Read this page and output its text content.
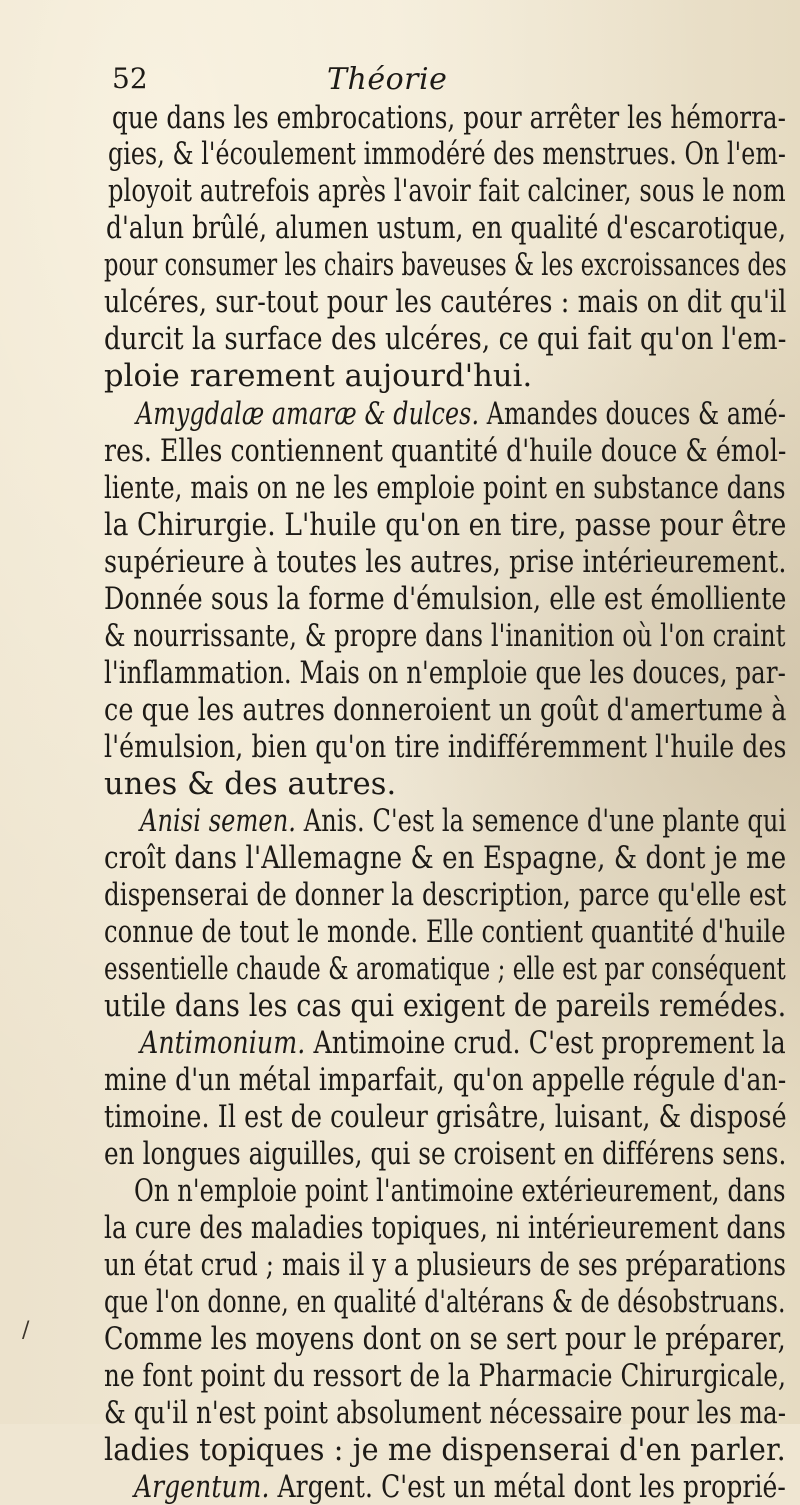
52	Théorie
que dans les embrocations, pour arrêter les hémorra-
gies, & l'écoulement immodéré des menstrues. On l'em-
ployoit autrefois après l'avoir fait calciner, sous le nom
d'alun brûlé, alumen ustum, en qualité d'escarotique,
pour consumer les chairs baveuses & les excroissances des
ulcéres, sur-tout pour les cautéres : mais on dit qu'il
durcit la surface des ulcéres, ce qui fait qu'on l'em-
ploie rarement aujourd'hui.
Amygdalæ amaræ & dulces. Amandes douces & amé-
res. Elles contiennent quantité d'huile douce & émol-
liente, mais on ne les emploie point en substance dans
la Chirurgie. L'huile qu'on en tire, passe pour être
supérieure à toutes les autres, prise intérieurement.
Donnée sous la forme d'émulsion, elle est émolliente
& nourrissante, & propre dans l'inanition où l'on craint
l'inflammation. Mais on n'emploie que les douces, par-
ce que les autres donneroient un goût d'amertume à
l'émulsion, bien qu'on tire indifféremment l'huile des
unes & des autres.
Anisi semen. Anis. C'est la semence d'une plante qui
croît dans l'Allemagne & en Espagne, & dont je me
dispenserai de donner la description, parce qu'elle est
connue de tout le monde. Elle contient quantité d'huile
essentielle chaude & aromatique ; elle est par conséquent
utile dans les cas qui exigent de pareils remédes.
Antimonium. Antimoine crud. C'est proprement la
mine d'un métal imparfait, qu'on appelle régule d'an-
timoine. Il est de couleur grisâtre, luisant, & disposé
en longues aiguilles, qui se croisent en différens sens.
On n'emploie point l'antimoine extérieurement, dans
la cure des maladies topiques, ni intérieurement dans
un état crud ; mais il y a plusieurs de ses préparations
que l'on donne, en qualité d'altérans & de désobstruans.
Comme les moyens dont on se sert pour le préparer,
ne font point du ressort de la Pharmacie Chirurgicale,
& qu'il n'est point absolument nécessaire pour les ma-
ladies topiques : je me dispenserai d'en parler.
Argentum. Argent. C'est un métal dont les proprié-
/
